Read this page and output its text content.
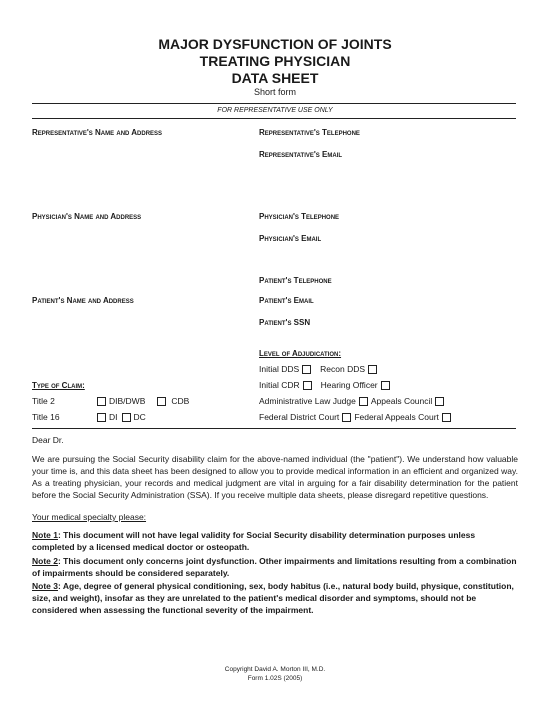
MAJOR DYSFUNCTION OF JOINTS
TREATING PHYSICIAN
DATA SHEET
Short form
FOR REPRESENTATIVE USE ONLY
Representative's Name and Address	Representative's Telephone
Representative's Email
Physician's Name and Address	Physician's Telephone
Physician's Email
Patient's Telephone
Patient's Name and Address	Patient's Email
Patient's SSN
Level of Adjudication:
Initial DDS Recon DDS
Type of Claim:	Initial CDR Hearing Officer
Title 2	DIB/DWB	CDB	Administrative Law Judge Appeals Council
Title 16	DI DC	Federal District Court Federal Appeals Court
Dear Dr.
We are pursuing the Social Security disability claim for the above-named individual (the "patient"). We understand how valuable your time is, and this data sheet has been designed to allow you to provide medical information in an efficient and organized way. As a treating physician, your records and medical judgment are vital in arguing for a fair disability determination for the patient before the Social Security Administration (SSA). If you receive multiple data sheets, please disregard repetitive questions.
Your medical specialty please:
Note 1: This document will not have legal validity for Social Security disability determination purposes unless completed by a licensed medical doctor or osteopath.
Note 2: This document only concerns joint dysfunction. Other impairments and limitations resulting from a combination of impairments should be considered separately.
Note 3: Age, degree of general physical conditioning, sex, body habitus (i.e., natural body build, physique, constitution, size, and weight), insofar as they are unrelated to the patient's medical disorder and symptoms, should not be considered when assessing the functional severity of the impairment.
Copyright David A. Morton III, M.D.
Form 1.02S (2005)
